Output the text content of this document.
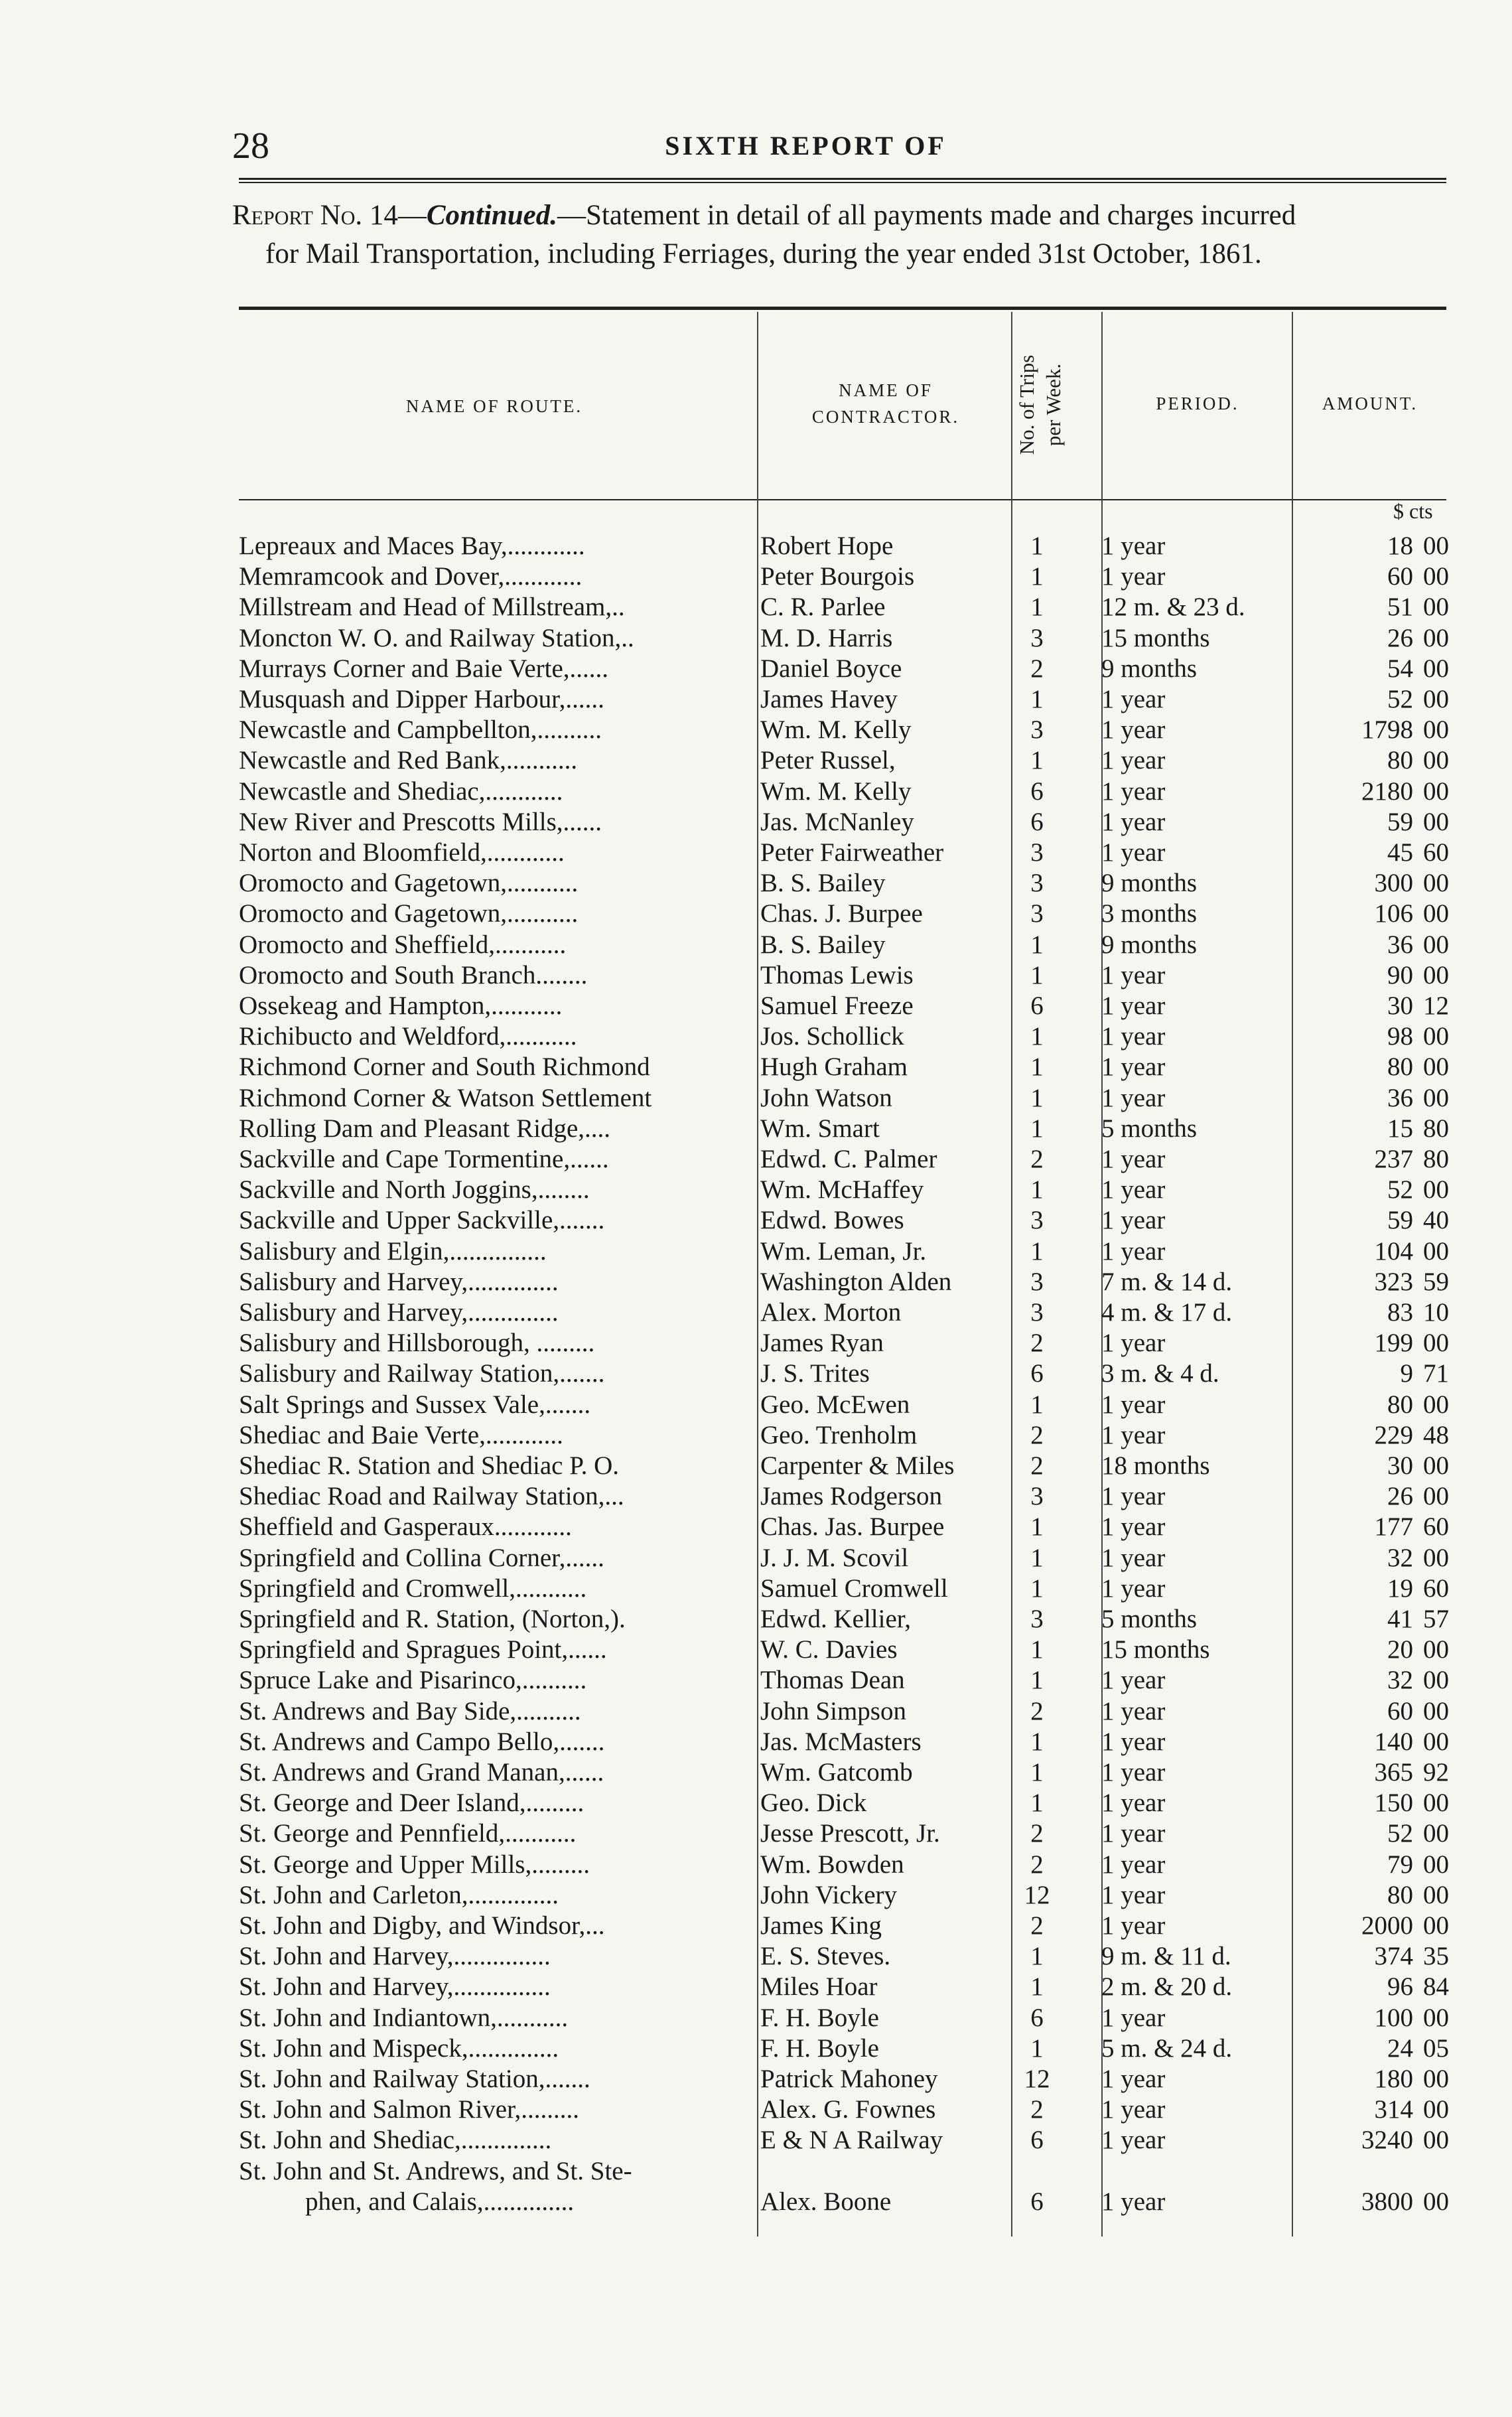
28	SIXTH REPORT OF
Report No. 14—Continued.—Statement in detail of all payments made and charges incurred
for Mail Transportation, including Ferriages, during the year ended 31st October, 1861.
NAME OF ROUTE.
NAME OF
CONTRACTOR.	No. of Trips per Week.	PERIOD.	AMOUNT.
$ cts
Lepreaux and Maces Bay,............	Robert Hope	1	1 year	18 00
Memramcook and Dover,............	Peter Bourgois	1	1 year	60 00
Millstream and Head of Millstream,..	C. R. Parlee	1	12 m. & 23 d.	51 00
Moncton W. O. and Railway Station,..	M. D. Harris	3	15 months	26 00
Murrays Corner and Baie Verte,......	Daniel Boyce	2	9 months	54 00
Musquash and Dipper Harbour,......	James Havey	1	1 year	52 00
Newcastle and Campbellton,..........	Wm. M. Kelly	3	1 year	1798 00
Newcastle and Red Bank,...........	Peter Russel,	1	1 year	80 00
Newcastle and Shediac,............	Wm. M. Kelly	6	1 year	2180 00
New River and Prescotts Mills,......	Jas. McNanley	6	1 year	59 00
Norton and Bloomfield,............	Peter Fairweather	3	1 year	45 60
Oromocto and Gagetown,...........	B. S. Bailey	3	9 months	300 00
Oromocto and Gagetown,...........	Chas. J. Burpee	3	3 months	106 00
Oromocto and Sheffield,...........	B. S. Bailey	1	9 months	36 00
Oromocto and South Branch........	Thomas Lewis	1	1 year	90 00
Ossekeag and Hampton,...........	Samuel Freeze	6	1 year	30 12
Richibucto and Weldford,...........	Jos. Schollick	1	1 year	98 00
Richmond Corner and South Richmond	Hugh Graham	1	1 year	80 00
Richmond Corner & Watson Settlement	John Watson	1	1 year	36 00
Rolling Dam and Pleasant Ridge,....	Wm. Smart	1	5 months	15 80
Sackville and Cape Tormentine,......	Edwd. C. Palmer	2	1 year	237 80
Sackville and North Joggins,........	Wm. McHaffey	1	1 year	52 00
Sackville and Upper Sackville,.......	Edwd. Bowes	3	1 year	59 40
Salisbury and Elgin,...............	Wm. Leman, Jr.	1	1 year	104 00
Salisbury and Harvey,..............	Washington Alden	3	7 m. & 14 d.	323 59
Salisbury and Harvey,..............	Alex. Morton	3	4 m. & 17 d.	83 10
Salisbury and Hillsborough, .........	James Ryan	2	1 year	199 00
Salisbury and Railway Station,.......	J. S. Trites	6	3 m. & 4 d.	9 71
Salt Springs and Sussex Vale,.......	Geo. McEwen	1	1 year	80 00
Shediac and Baie Verte,............	Geo. Trenholm	2	1 year	229 48
Shediac R. Station and Shediac P. O.	Carpenter & Miles	2	18 months	30 00
Shediac Road and Railway Station,...	James Rodgerson	3	1 year	26 00
Sheffield and Gasperaux............	Chas. Jas. Burpee	1	1 year	177 60
Springfield and Collina Corner,......	J. J. M. Scovil	1	1 year	32 00
Springfield and Cromwell,...........	Samuel Cromwell	1	1 year	19 60
Springfield and R. Station, (Norton,).	Edwd. Kellier,	3	5 months	41 57
Springfield and Spragues Point,......	W. C. Davies	1	15 months	20 00
Spruce Lake and Pisarinco,..........	Thomas Dean	1	1 year	32 00
St. Andrews and Bay Side,..........	John Simpson	2	1 year	60 00
St. Andrews and Campo Bello,.......	Jas. McMasters	1	1 year	140 00
St. Andrews and Grand Manan,......	Wm. Gatcomb	1	1 year	365 92
St. George and Deer Island,.........	Geo. Dick	1	1 year	150 00
St. George and Pennfield,...........	Jesse Prescott, Jr.	2	1 year	52 00
St. George and Upper Mills,.........	Wm. Bowden	2	1 year	79 00
St. John and Carleton,..............	John Vickery	12	1 year	80 00
St. John and Digby, and Windsor,...	James King	2	1 year	2000 00
St. John and Harvey,...............	E. S. Steves.	1	9 m. & 11 d.	374 35
St. John and Harvey,...............	Miles Hoar	1	2 m. & 20 d.	96 84
St. John and Indiantown,...........	F. H. Boyle	6	1 year	100 00
St. John and Mispeck,..............	F. H. Boyle	1	5 m. & 24 d.	24 05
St. John and Railway Station,.......	Patrick Mahoney	12	1 year	180 00
St. John and Salmon River,.........	Alex. G. Fownes	2	1 year	314 00
St. John and Shediac,..............	E & N A Railway	6	1 year	3240 00
St. John and St. Andrews, and St. Ste-
phen, and Calais,..............	Alex. Boone	6	1 year	3800 00
